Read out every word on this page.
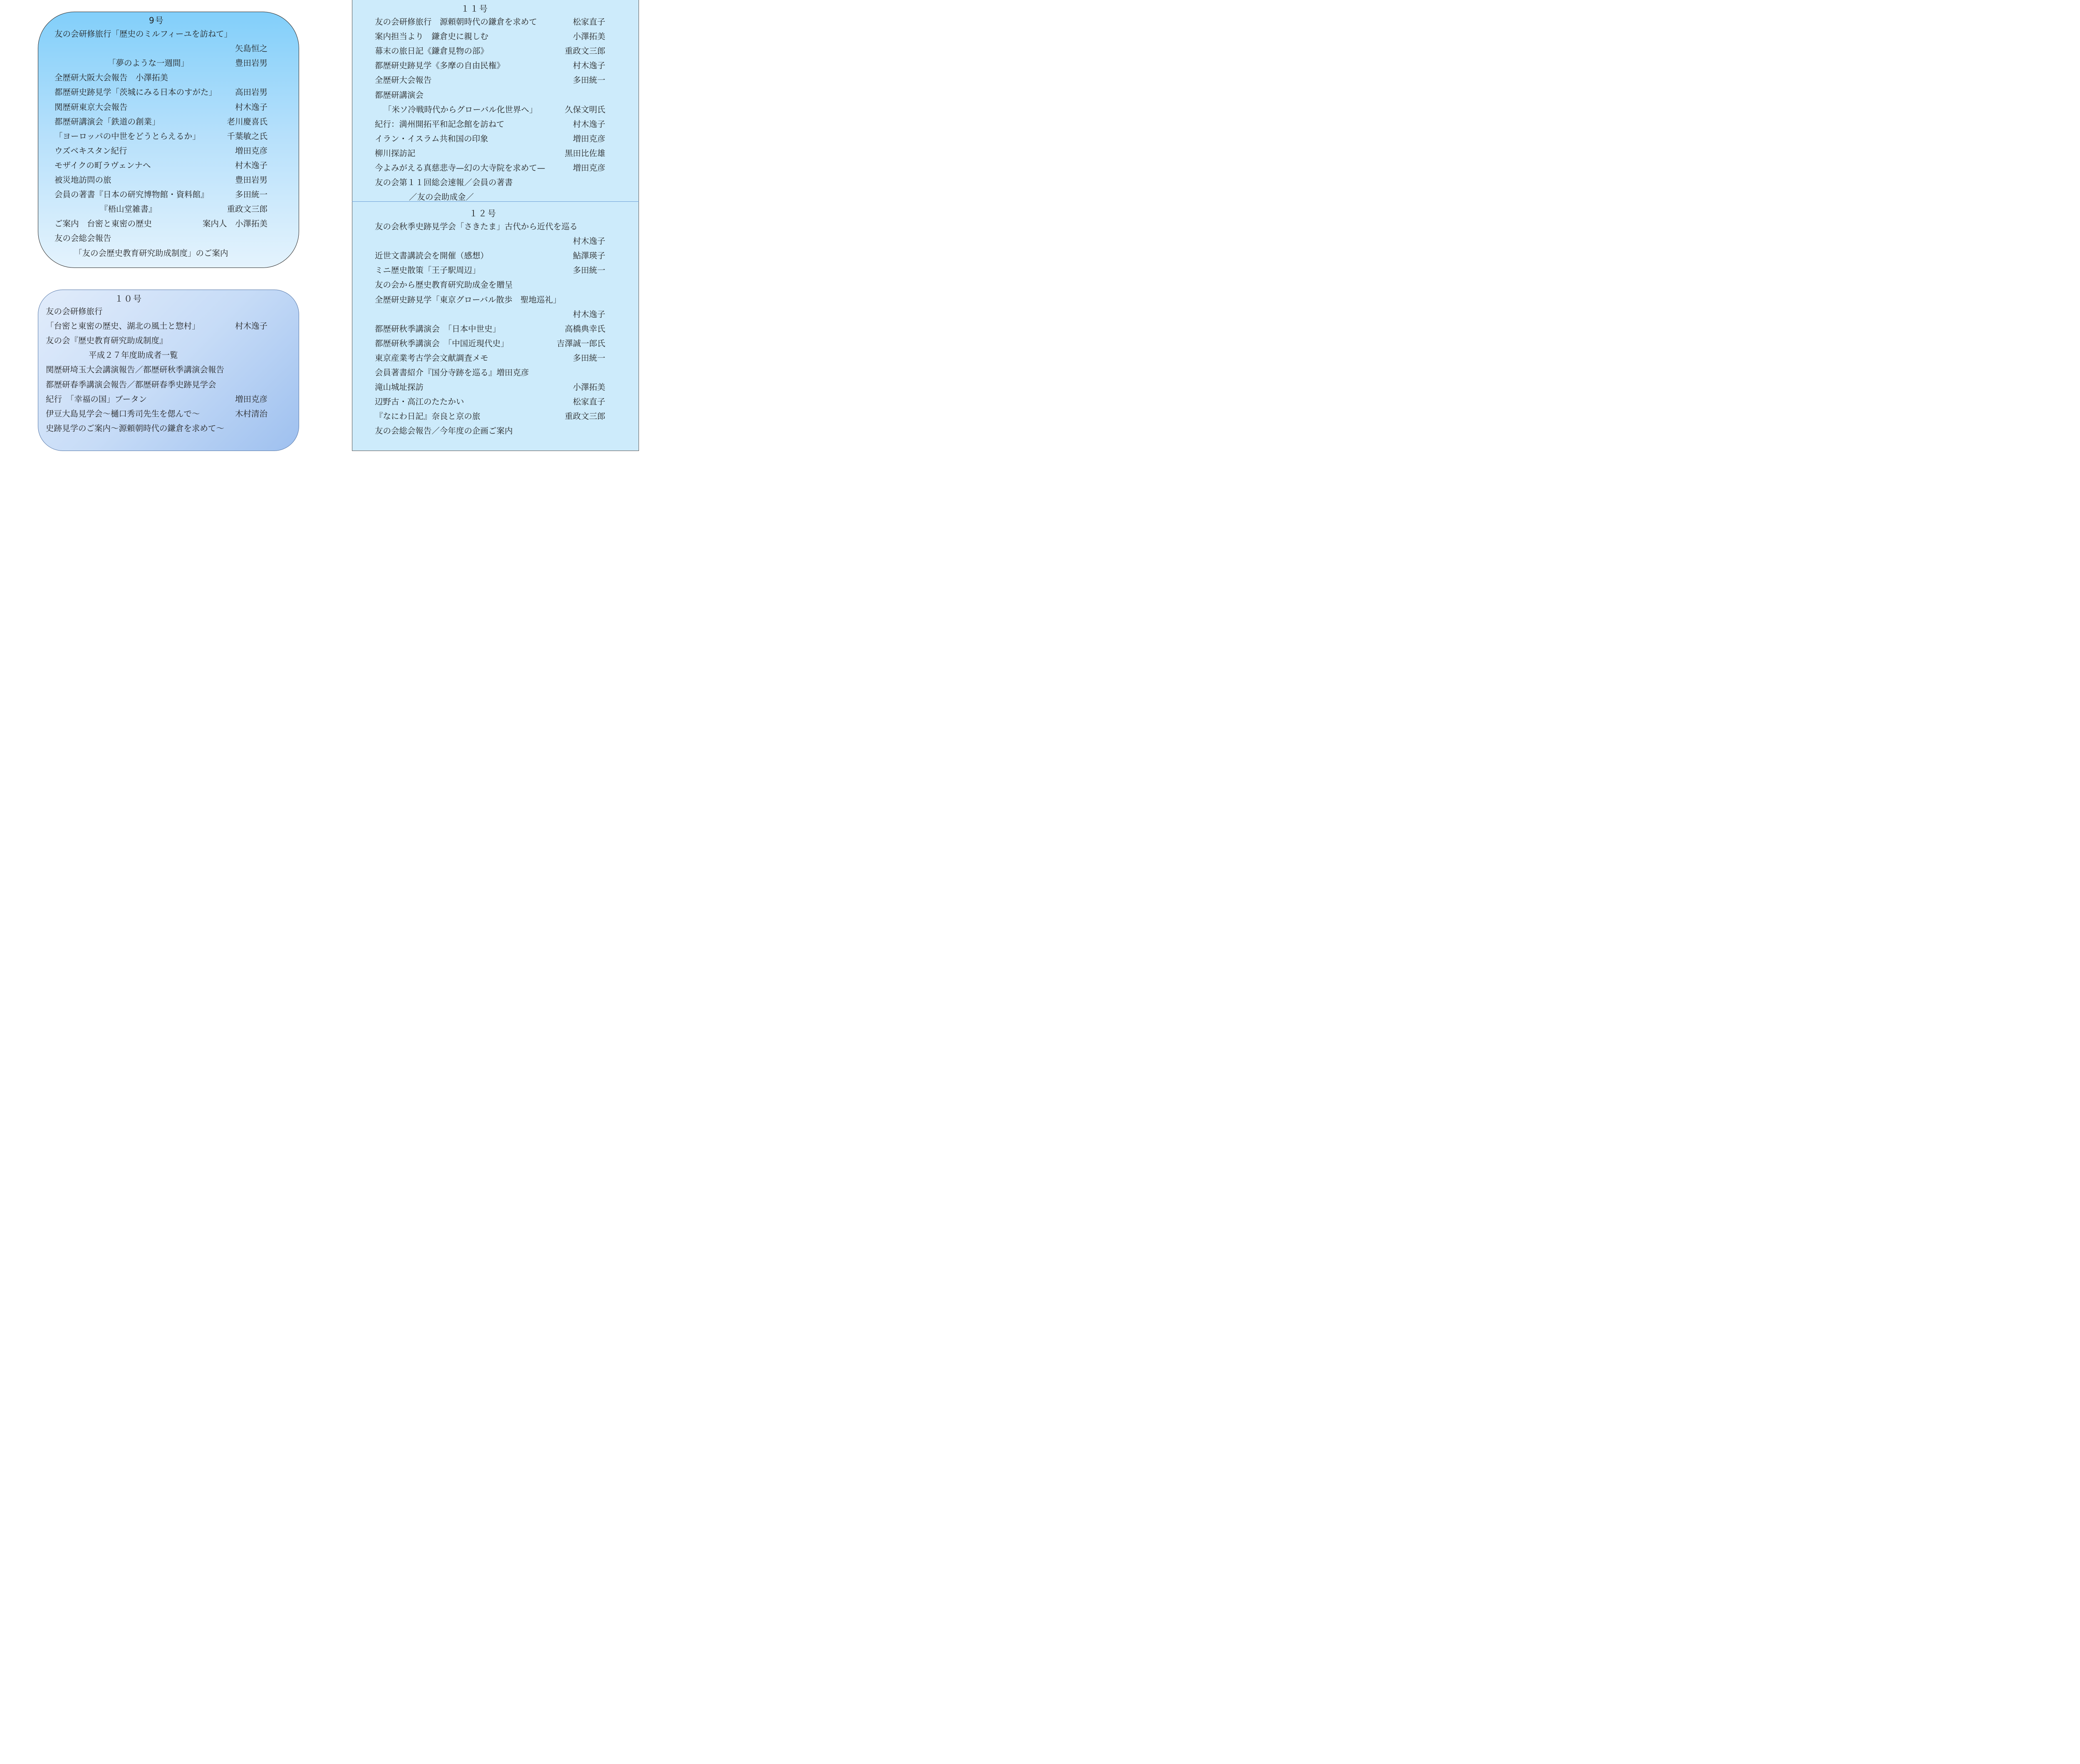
9号
友の会研修旅行「歴史のミルフィーユを訪ねて」
矢島恒之
「夢のような一週間」	豊田岩男
全歴研大阪大会報告　小澤拓美
都歴研史跡見学「茨城にみる日本のすがた」 高田岩男
関歴研東京大会報告	村木逸子
都歴研講演会「鉄道の創業」	老川慶喜氏
「ヨーロッパの中世をどうとらえるか」	千葉敏之氏
ウズベキスタン紀行	増田克彦
モザイクの町ラヴェンナへ	村木逸子
被災地訪問の旅	豊田岩男
会員の著書『日本の研究博物館・資料館』	多田統一
『梧山堂雑書』	重政文三郎
ご案内　台密と東密の歴史	案内人　小澤拓美
友の会総会報告
「友の会歴史教育研究助成制度」のご案内
１０号
友の会研修旅行
「台密と東密の歴史、湖北の風土と惣村」	村木逸子
友の会『歴史教育研究助成制度』
平成２７年度助成者一覧
関歴研埼玉大会講演報告／都歴研秋季講演会報告
都歴研春季講演会報告／都歴研春季史跡見学会
紀行　「幸福の国」ブータン	増田克彦
伊豆大島見学会～樋口秀司先生を偲んで～	木村清治
史跡見学のご案内～源頼朝時代の鎌倉を求めて～
１１号
友の会研修旅行　源頼朝時代の鎌倉を求めて	松家直子
案内担当より　鎌倉史に親しむ	小澤拓美
幕末の旅日記《鎌倉見物の部》	重政文三郎
都歴研史跡見学《多摩の自由民権》	村木逸子
全歴研大会報告	多田統一
都歴研講演会
「米ソ冷戦時代からグローバル化世界へ」	久保文明氏
紀行：満州開拓平和記念館を訪ねて	村木逸子
イラン・イスラム共和国の印象	増田克彦
柳川探訪記	黒田比佐雄
今よみがえる真慈悲寺—幻の大寺院を求めて—	増田克彦
友の会第１１回総会速報／会員の著書
／友の会助成金／
１２号
友の会秋季史跡見学会「さきたま」古代から近代を巡る
村木逸子
近世文書講読会を開催（感想）	鮎澤瑛子
ミニ歴史散策「王子駅周辺」	多田統一
友の会から歴史教育研究助成金を贈呈
全歴研史跡見学「東京グローバル散歩　聖地巡礼」
村木逸子
都歴研秋季講演会　「日本中世史」	高橋典幸氏
都歴研秋季講演会　「中国近現代史」	吉澤誠一郎氏
東京産業考古学会文献調査メモ	多田統一
会員著書紹介『国分寺跡を巡る』増田克彦
滝山城址探訪	小澤拓美
辺野古・高江のたたかい	松家直子
『なにわ日記』奈良と京の旅	重政文三郎
友の会総会報告／今年度の企画ご案内
